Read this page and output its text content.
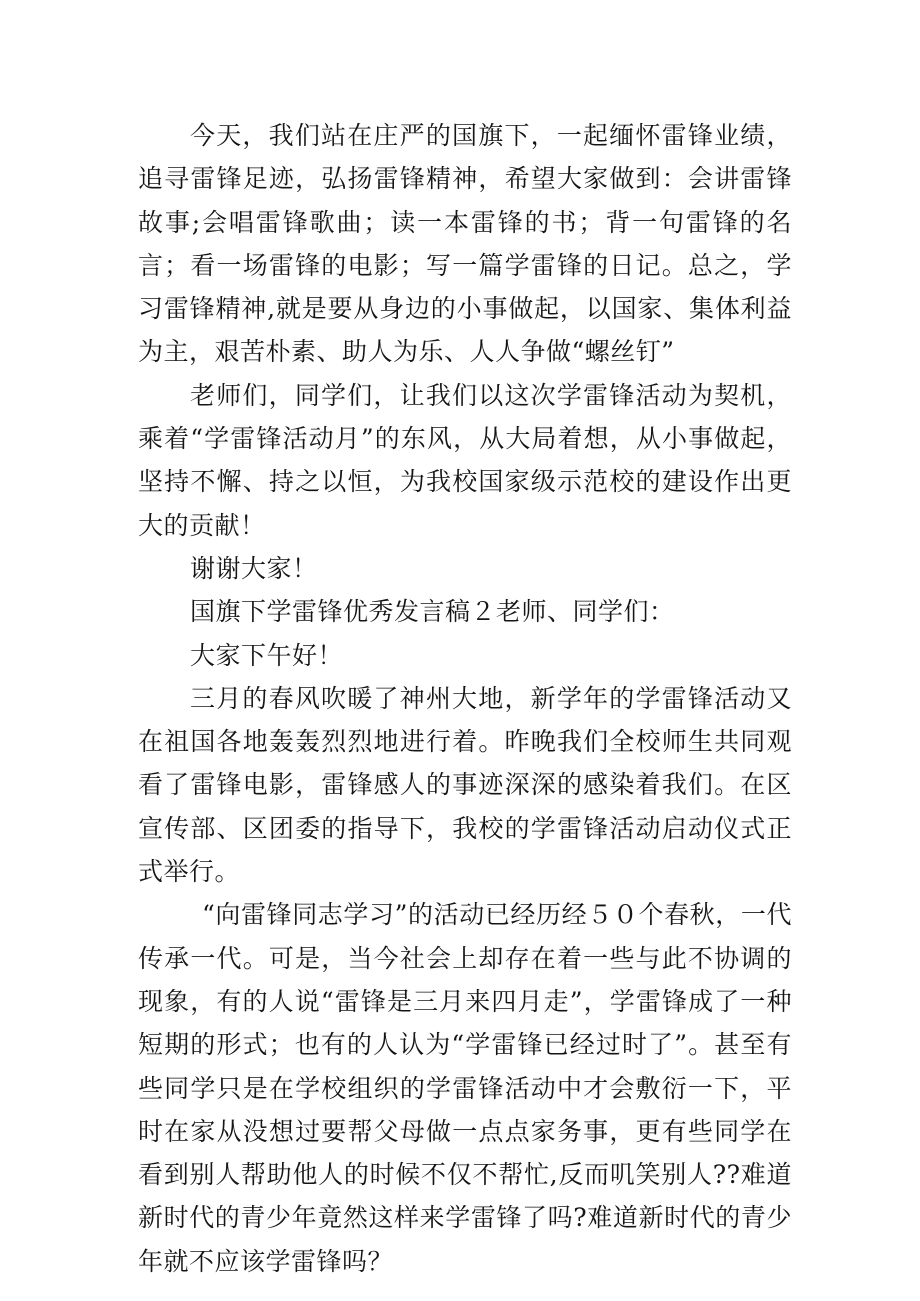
今天，我们站在庄严的国旗下，一起缅怀雷锋业绩，追寻雷锋足迹，弘扬雷锋精神，希望大家做到：会讲雷锋故事;会唱雷锋歌曲；读一本雷锋的书；背一句雷锋的名言；看一场雷锋的电影；写一篇学雷锋的日记。总之，学习雷锋精神,就是要从身边的小事做起，以国家、集体利益为主，艰苦朴素、助人为乐、人人争做“螺丝钉”

老师们，同学们，让我们以这次学雷锋活动为契机，乘着“学雷锋活动月”的东风，从大局着想，从小事做起，坚持不懈、持之以恒，为我校国家级示范校的建设作出更大的贡献！

谢谢大家！

国旗下学雷锋优秀发言稿２老师、同学们：

大家下午好！

三月的春风吹暖了神州大地，新学年的学雷锋活动又在祖国各地轰轰烈烈地进行着。昨晚我们全校师生共同观看了雷锋电影，雷锋感人的事迹深深的感染着我们。在区宣传部、区团委的指导下，我校的学雷锋活动启动仪式正式举行。

“向雷锋同志学习”的活动已经历经５０个春秋，一代传承一代。可是，当今社会上却存在着一些与此不协调的现象，有的人说“雷锋是三月来四月走”，学雷锋成了一种短期的形式；也有的人认为“学雷锋已经过时了”。甚至有些同学只是在学校组织的学雷锋活动中才会敷衍一下，平时在家从没想过要帮父母做一点点家务事，更有些同学在看到别人帮助他人的时候不仅不帮忙,反而叽笑别人??难道新时代的青少年竟然这样来学雷锋了吗?难道新时代的青少年就不应该学雷锋吗？
